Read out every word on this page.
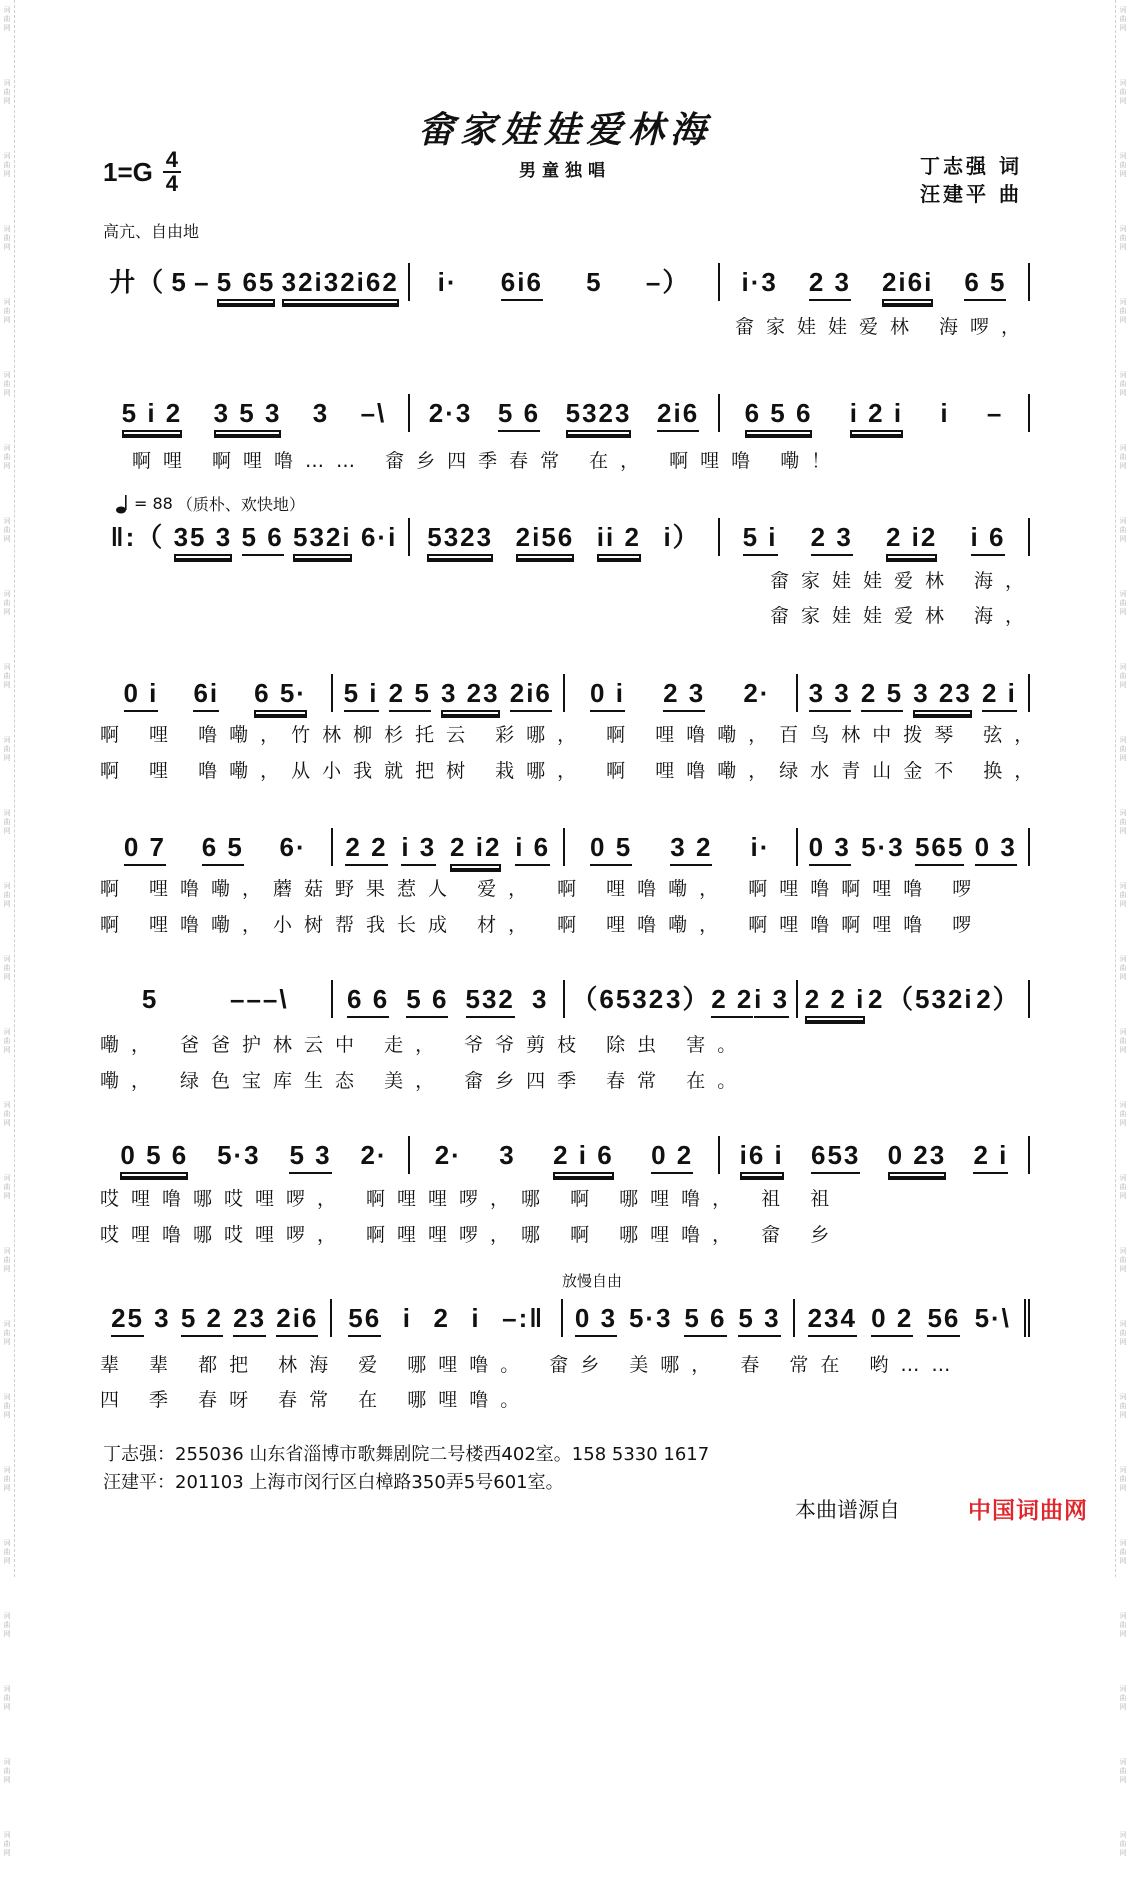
词
曲
网
词
曲
网
词
曲
网
词
曲
网
词
曲
网
词
曲
网
词
曲
网
词
曲
网
词
曲
网
词
曲
网
词
曲
网
词
曲
网
词
曲
网
词
曲
网
词
曲
网
词
曲
网
词
曲
网
词
曲
网
词
曲
网
词
曲
网
词
曲
网
词
曲
网
词
曲
网
词
曲
网
词
曲
网
词
曲
网
词
曲
网
词
曲
网
词
曲
网
词
曲
网
词
曲
网
词
曲
网
词
曲
网
词
曲
网
词
曲
网
词
曲
网
词
曲
网
词
曲
网
词
曲
网
词
曲
网
词
曲
网
词
曲
网
词
曲
网
词
曲
网
词
曲
网
词
曲
网
词
曲
网
词
曲
网
词
曲
网
词
曲
网
词
曲
网
词
曲
网
畲家娃娃爱林海
男童独唱
$1=G \frac{4}{4}$	丁志强 词
汪建平 曲
高亢、自由地
= 88 （质朴、欢快地）
放慢自由
廾（ 5 – 5 65 32i32i62 i· 6i6 5 –） i·3 2 3 2i6i 6 5
畲家娃娃爱林 海啰，
5 i 2 3 5 3 3 –\ 2·3 5 6 5323 2i6 6 5 6 i 2 i i –
啊哩 啊哩噜…… 畲乡四季春常 在， 啊哩噜 嘞！
‖:（ 35 3 5 6 532i 6·i 5323 2i56 ii 2 i） 5 i 2 3 2 i2 i 6
畲家娃娃爱林 海，
畲家娃娃爱林 海，
0 i 6i 6 5· 5 i 2 5 3 23 2i6 0 i 2 3 2· 3 3 2 5 3 23 2 i
啊 哩 噜嘞，竹林柳杉托云 彩哪， 啊 哩噜嘞，百鸟林中拨琴 弦，
啊 哩 噜嘞，从小我就把树 栽哪， 啊 哩噜嘞，绿水青山金不 换，
0 7 6 5 6· 2 2 i 3 2 i2 i 6 0 5 3 2 i· 0 3 5·3 565 0 3
啊 哩噜嘞，蘑菇野果惹人 爱， 啊 哩噜嘞， 啊哩噜啊哩噜 啰
啊 哩噜嘞，小树帮我长成 材， 啊 哩噜嘞， 啊哩噜啊哩噜 啰
5	–––\ 6 6 5 6 532 3 （6532 3） 2 2 i 3 2 2 i 2 （532i 2）
嘞， 爸爸护林云中 走， 爷爷剪枝 除虫 害。
嘞， 绿色宝库生态 美， 畲乡四季 春常 在。
0 5 6 5·3 5 3 2· 2· 3 2 i 6 0 2 i6 i 653 0 23 2 i
哎哩噜哪哎哩啰， 啊哩哩啰，哪 啊 哪哩噜， 祖 祖
哎哩噜哪哎哩啰， 啊哩哩啰，哪 啊 哪哩噜， 畲 乡
25 3 5 2 23 2i6 56 i 2 i –:‖ 0 3 5·3 5 6 5 3 234 0 2 56 5·\
辈 辈 都把 林海 爱 哪哩噜。 畲乡 美哪， 春 常在 哟……
四 季 春呀 春常 在 哪哩噜。
丁志强：255036 山东省淄博市歌舞剧院二号楼西402室。158 5330 1617
汪建平：201103 上海市闵行区白樟路350弄5号601室。
本曲谱源自	中国词曲网
